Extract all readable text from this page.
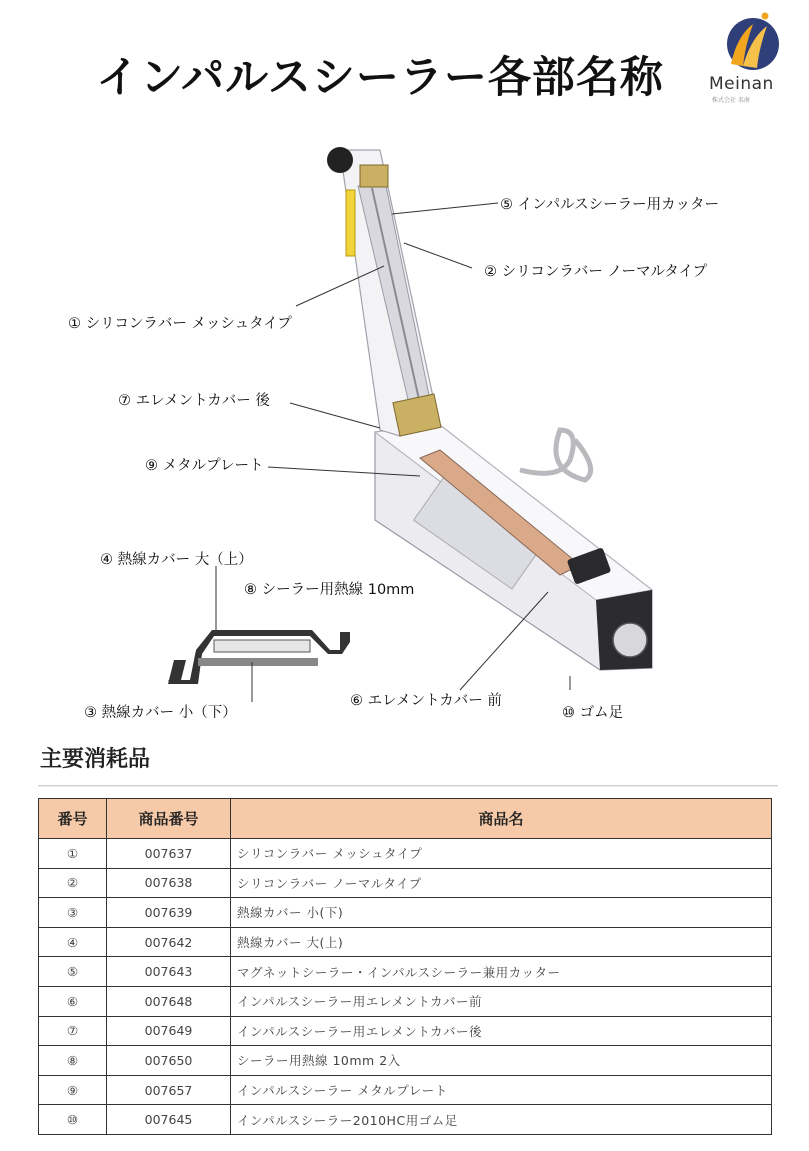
インパルスシーラー各部名称	Meinan
株式会社 名南
⑤ インパルスシーラー用カッター
② シリコンラバー ノーマルタイプ
① シリコンラバー メッシュタイプ
⑦ エレメントカバー 後
⑨ メタルプレート
④ 熱線カバー 大（上）
⑧ シーラー用熱線 10mm
③ 熱線カバー 小（下）
⑥ エレメントカバー 前
⑩ ゴム足
主要消耗品
番号	商品番号	商品名
①	007637	シリコンラバー メッシュタイプ
②	007638	シリコンラバー ノーマルタイプ
③	007639	熱線カバー 小(下)
④	007642	熱線カバー 大(上)
⑤	007643	マグネットシーラー・インパルスシーラー兼用カッター
⑥	007648	インパルスシーラー用エレメントカバー前
⑦	007649	インパルスシーラー用エレメントカバー後
⑧	007650	シーラー用熱線 10mm 2入
⑨	007657	インパルスシーラー メタルプレート
⑩	007645	インパルスシーラー2010HC用ゴム足
